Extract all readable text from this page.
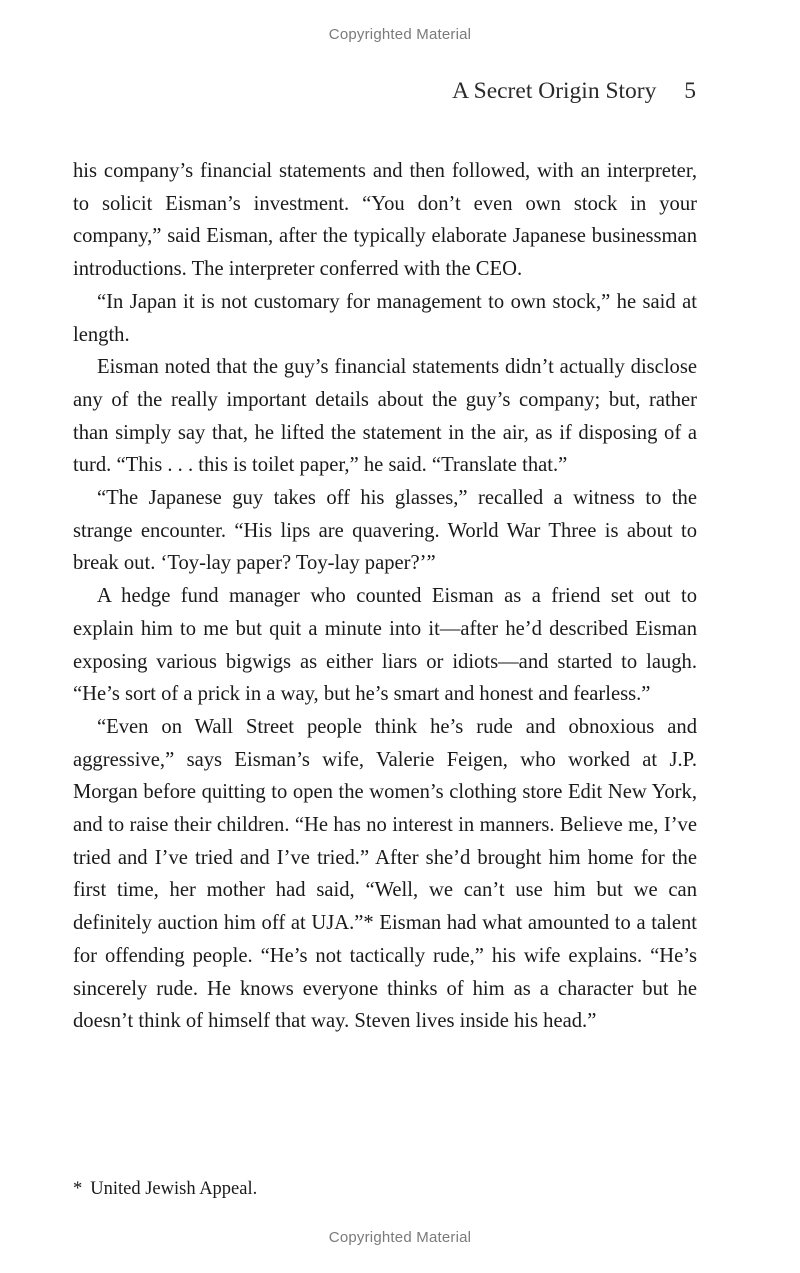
Copyrighted Material
A Secret Origin Story 5

his company’s financial statements and then followed, with an interpreter, to solicit Eisman’s investment. “You don’t even own stock in your company,” said Eisman, after the typically elaborate Japanese businessman introductions. The interpreter conferred with the CEO.

“In Japan it is not customary for management to own stock,” he said at length.

Eisman noted that the guy’s financial statements didn’t actually disclose any of the really important details about the guy’s company; but, rather than simply say that, he lifted the statement in the air, as if disposing of a turd. “This . . . this is toilet paper,” he said. “Translate that.”

“The Japanese guy takes off his glasses,” recalled a witness to the strange encounter. “His lips are quavering. World War Three is about to break out. ‘Toy-lay paper? Toy-lay paper?’”

A hedge fund manager who counted Eisman as a friend set out to explain him to me but quit a minute into it—after he’d described Eisman exposing various bigwigs as either liars or idiots—and started to laugh. “He’s sort of a prick in a way, but he’s smart and honest and fearless.”

“Even on Wall Street people think he’s rude and obnoxious and aggressive,” says Eisman’s wife, Valerie Feigen, who worked at J.P. Morgan before quitting to open the women’s clothing store Edit New York, and to raise their children. “He has no interest in manners. Believe me, I’ve tried and I’ve tried and I’ve tried.” After she’d brought him home for the first time, her mother had said, “Well, we can’t use him but we can definitely auction him off at UJA.”* Eisman had what amounted to a talent for offending people. “He’s not tactically rude,” his wife explains. “He’s sincerely rude. He knows everyone thinks of him as a character but he doesn’t think of himself that way. Steven lives inside his head.”

* United Jewish Appeal.
Copyrighted Material
